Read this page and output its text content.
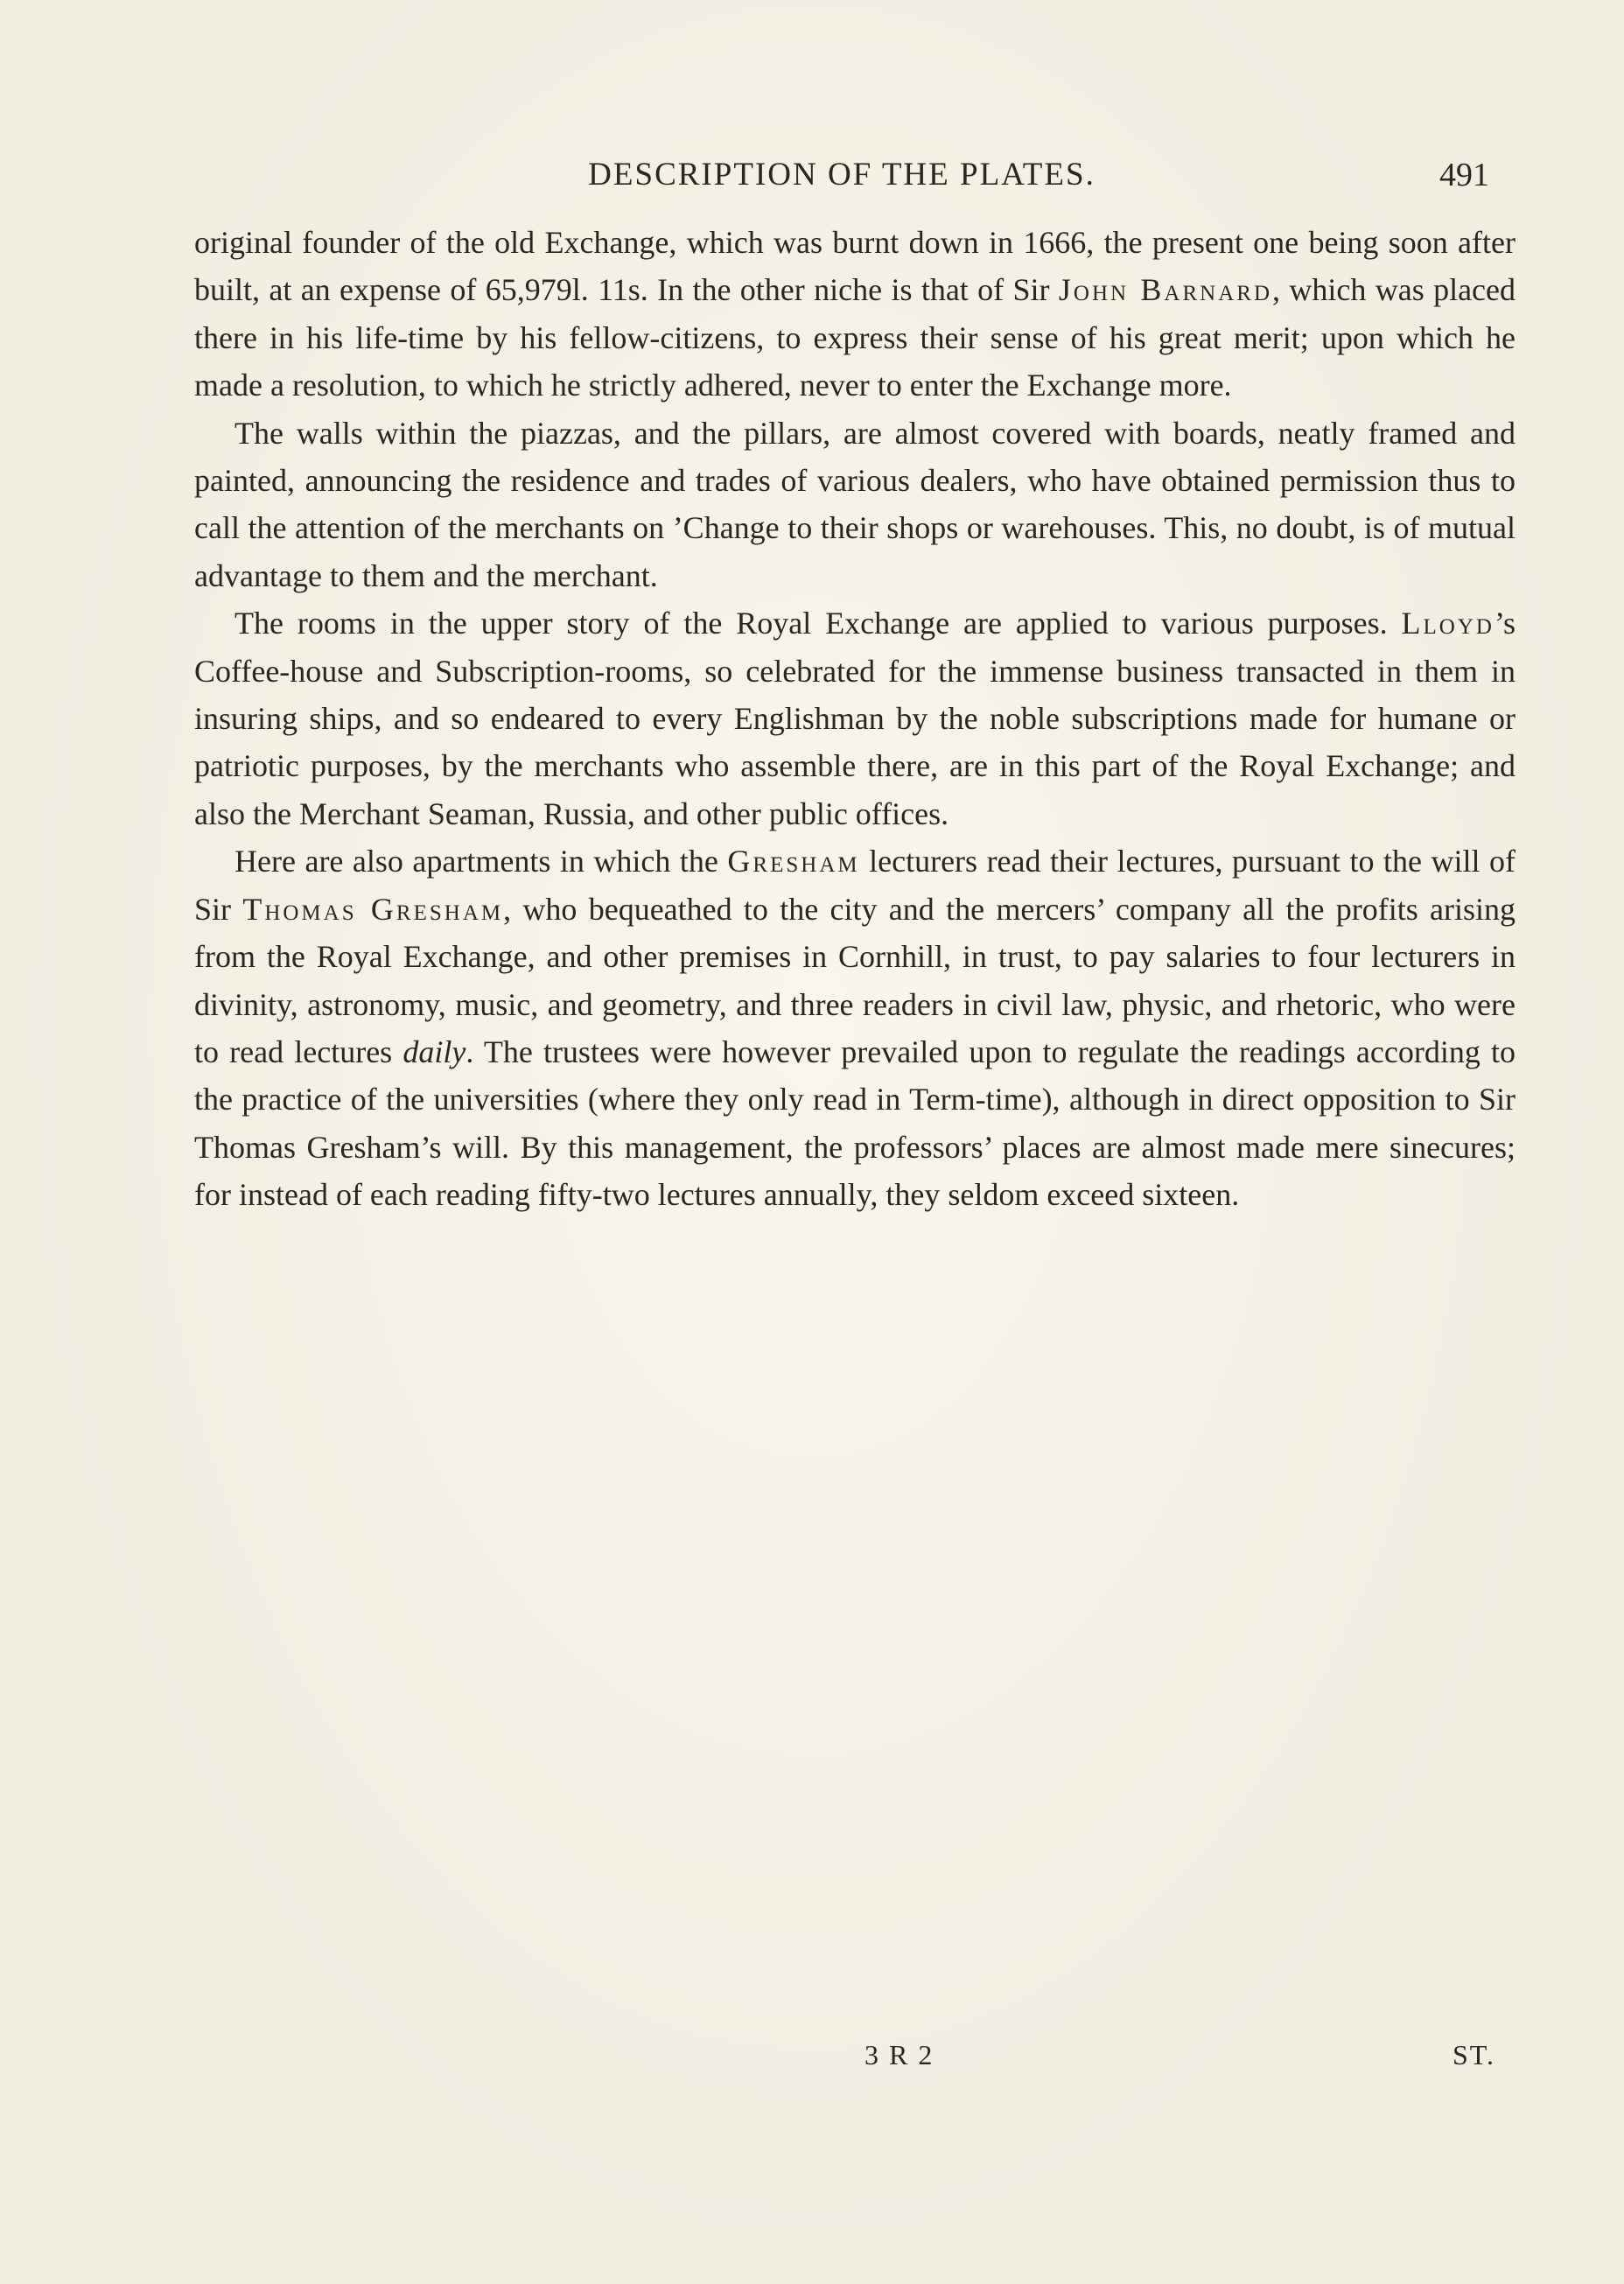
DESCRIPTION OF THE PLATES.	491

original founder of the old Exchange, which was burnt down in 1666, the present one being soon after built, at an expense of 65,979l. 11s. In the other niche is that of Sir John Barnard, which was placed there in his life-time by his fellow-citizens, to express their sense of his great merit; upon which he made a resolution, to which he strictly adhered, never to enter the Exchange more.

The walls within the piazzas, and the pillars, are almost covered with boards, neatly framed and painted, announcing the residence and trades of various dealers, who have obtained permission thus to call the attention of the merchants on ’Change to their shops or warehouses. This, no doubt, is of mutual advantage to them and the merchant.

The rooms in the upper story of the Royal Exchange are applied to various purposes. Lloyd’s Coffee-house and Subscription-rooms, so celebrated for the immense business transacted in them in insuring ships, and so endeared to every Englishman by the noble subscriptions made for humane or patriotic purposes, by the merchants who assemble there, are in this part of the Royal Exchange; and also the Merchant Seaman, Russia, and other public offices.

Here are also apartments in which the Gresham lecturers read their lectures, pursuant to the will of Sir Thomas Gresham, who bequeathed to the city and the mercers’ company all the profits arising from the Royal Exchange, and other premises in Cornhill, in trust, to pay salaries to four lecturers in divinity, astronomy, music, and geometry, and three readers in civil law, physic, and rhetoric, who were to read lectures daily. The trustees were however prevailed upon to regulate the readings according to the practice of the universities (where they only read in Term-time), although in direct opposition to Sir Thomas Gresham’s will. By this management, the professors’ places are almost made mere sinecures; for instead of each reading fifty-two lectures annually, they seldom exceed sixteen.

3 R 2	ST.
